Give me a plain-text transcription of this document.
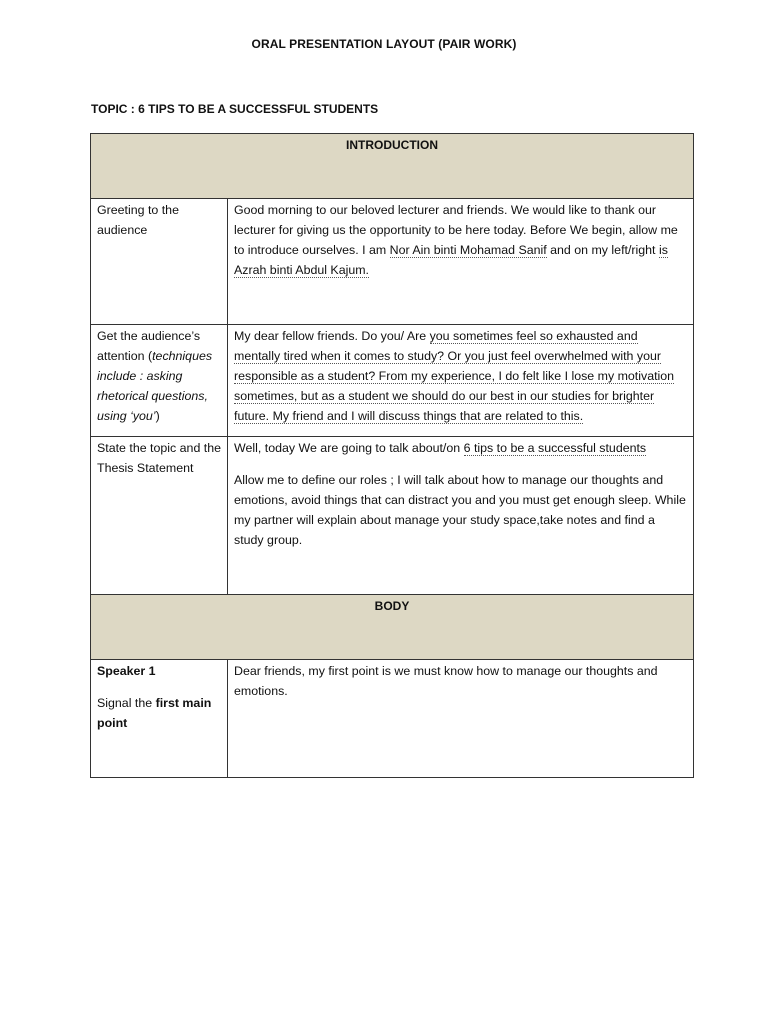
ORAL PRESENTATION LAYOUT (PAIR WORK)
TOPIC : 6 TIPS TO BE A SUCCESSFUL STUDENTS
INTRODUCTION	
Greeting to the audience	Good morning to our beloved lecturer and friends. We would like to thank our lecturer for giving us the opportunity to be here today. Before We begin, allow me to introduce ourselves. I am Nor Ain binti Mohamad Sanif and on my left/right is Azrah binti Abdul Kajum.
Get the audience’s attention (techniques include : asking rhetorical questions, using ‘you’)	My dear fellow friends. Do you/ Are you sometimes feel so exhausted and mentally tired when it comes to study? Or you just feel overwhelmed with your responsible as a student? From my experience, I do felt like I lose my motivation sometimes, but as a student we should do our best in our studies for brighter future. My friend and I will discuss things that are related to this.
State the topic and the Thesis Statement	Well, today We are going to talk about/on 6 tips to be a successful students
Allow me to define our roles ; I will talk about how to manage our thoughts and emotions, avoid things that can distract you and you must get enough sleep. While my partner will explain about manage your study space,take notes and find a study group.

BODY	

Speaker 1
Signal the first main point	Dear friends, my first point is we must know how to manage our thoughts and emotions.
